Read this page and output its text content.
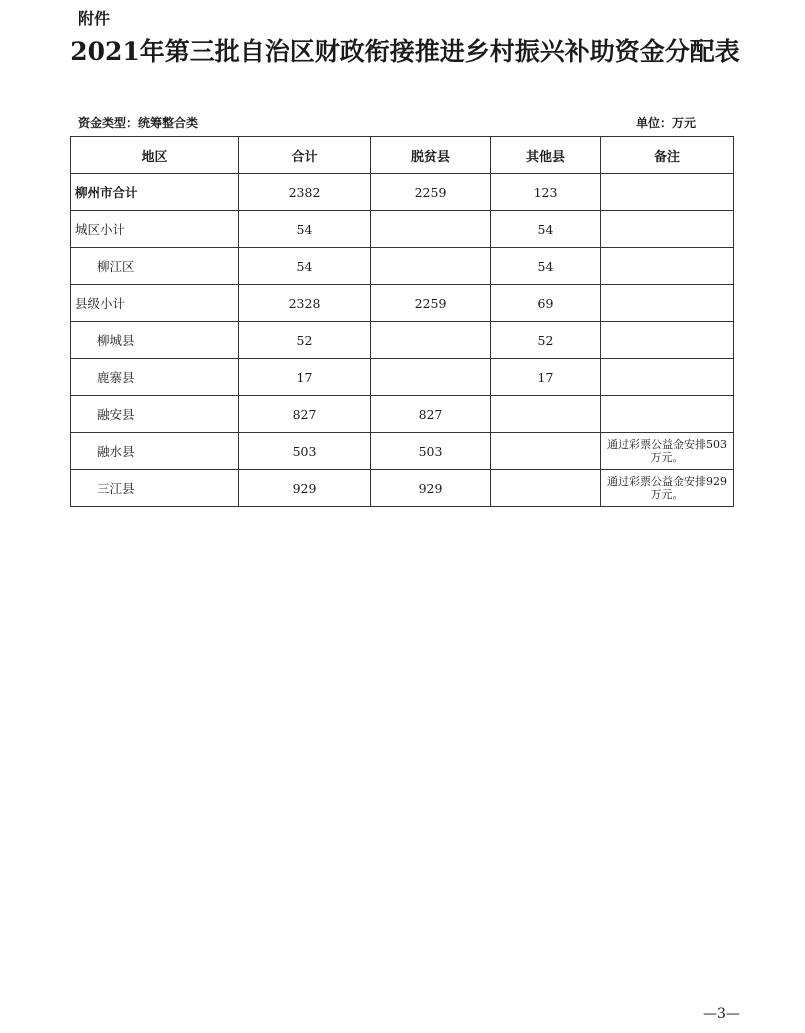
附件
2021年第三批自治区财政衔接推进乡村振兴补助资金分配表
资金类型：统筹整合类	单位：万元
地区	合计	脱贫县	其他县	备注
柳州市合计	2382	2259	123	
城区小计	54		54	
柳江区	54		54	
县级小计	2328	2259	69	
柳城县	52		52	
鹿寨县	17		17	
融安县	827	827		
融水县	503	503		通过彩票公益金安排503万元。
三江县	929	929		通过彩票公益金安排929万元。
—3—
